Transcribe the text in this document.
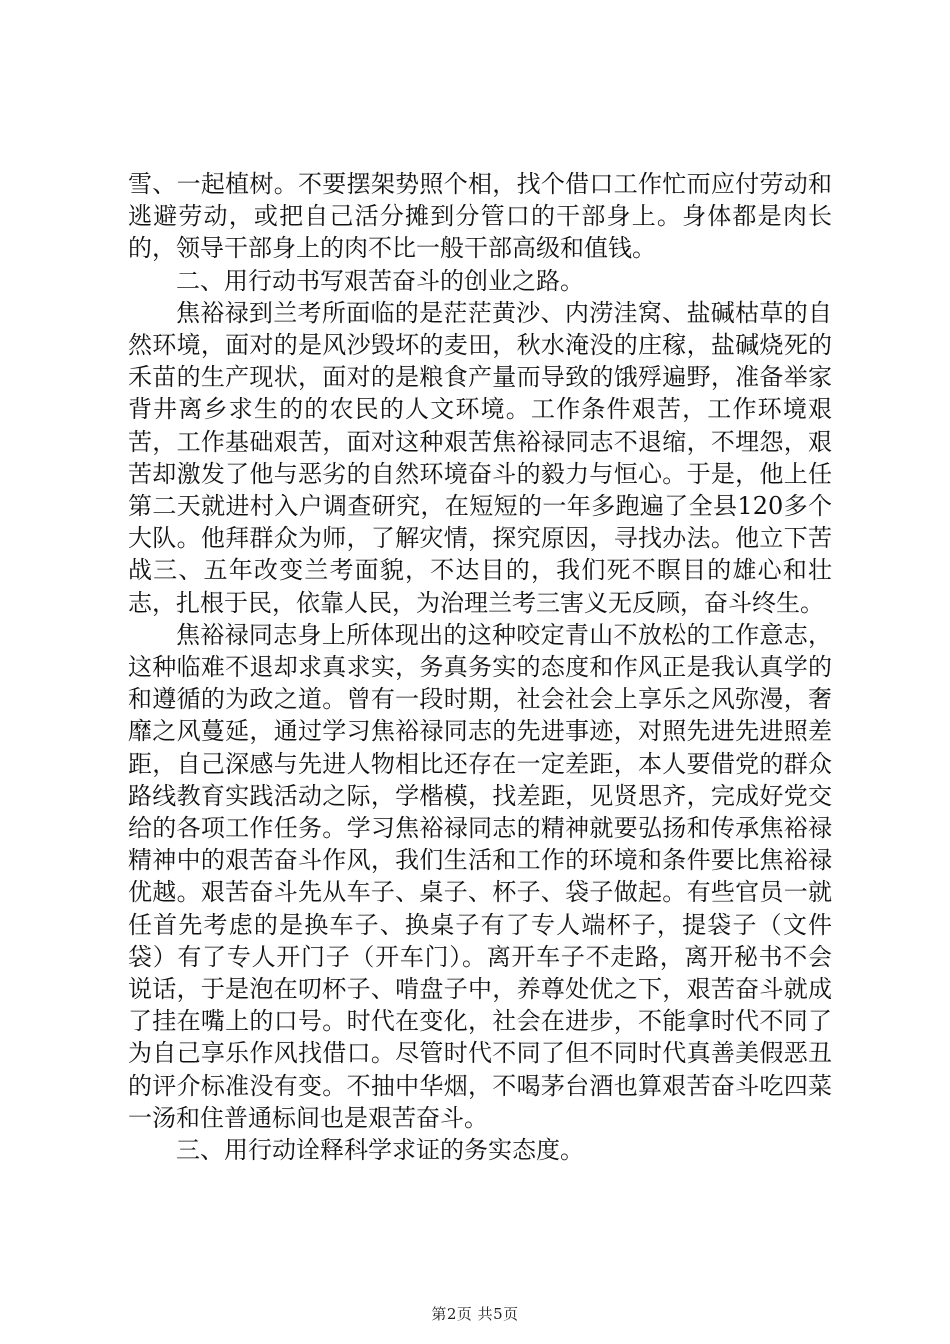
雪、一起植树。不要摆架势照个相，找个借口工作忙而应付劳动和逃避劳动，或把自己活分摊到分管口的干部身上。身体都是肉长的，领导干部身上的肉不比一般干部高级和值钱。

二、用行动书写艰苦奋斗的创业之路。

焦裕禄到兰考所面临的是茫茫黄沙、内涝洼窝、盐碱枯草的自然环境，面对的是风沙毁坏的麦田，秋水淹没的庄稼，盐碱烧死的禾苗的生产现状，面对的是粮食产量而导致的饿殍遍野，准备举家背井离乡求生的的农民的人文环境。工作条件艰苦，工作环境艰苦，工作基础艰苦，面对这种艰苦焦裕禄同志不退缩，不埋怨，艰苦却激发了他与恶劣的自然环境奋斗的毅力与恒心。于是，他上任第二天就进村入户调查研究，在短短的一年多跑遍了全县120多个大队。他拜群众为师，了解灾情，探究原因，寻找办法。他立下苦战三、五年改变兰考面貌，不达目的，我们死不瞑目的雄心和壮志，扎根于民，依靠人民，为治理兰考三害义无反顾，奋斗终生。

焦裕禄同志身上所体现出的这种咬定青山不放松的工作意志，这种临难不退却求真求实，务真务实的态度和作风正是我认真学的和遵循的为政之道。曾有一段时期，社会社会上享乐之风弥漫，奢靡之风蔓延，通过学习焦裕禄同志的先进事迹，对照先进先进照差距，自己深感与先进人物相比还存在一定差距，本人要借党的群众路线教育实践活动之际，学楷模，找差距，见贤思齐，完成好党交给的各项工作任务。学习焦裕禄同志的精神就要弘扬和传承焦裕禄精神中的艰苦奋斗作风，我们生活和工作的环境和条件要比焦裕禄优越。艰苦奋斗先从车子、桌子、杯子、袋子做起。有些官员一就任首先考虑的是换车子、换桌子有了专人端杯子，提袋子（文件袋）有了专人开门子（开车门）。离开车子不走路，离开秘书不会说话，于是泡在叨杯子、啃盘子中，养尊处优之下，艰苦奋斗就成了挂在嘴上的口号。时代在变化，社会在进步，不能拿时代不同了为自己享乐作风找借口。尽管时代不同了但不同时代真善美假恶丑的评介标准没有变。不抽中华烟，不喝茅台酒也算艰苦奋斗吃四菜一汤和住普通标间也是艰苦奋斗。

三、用行动诠释科学求证的务实态度。

第2页 共5页
